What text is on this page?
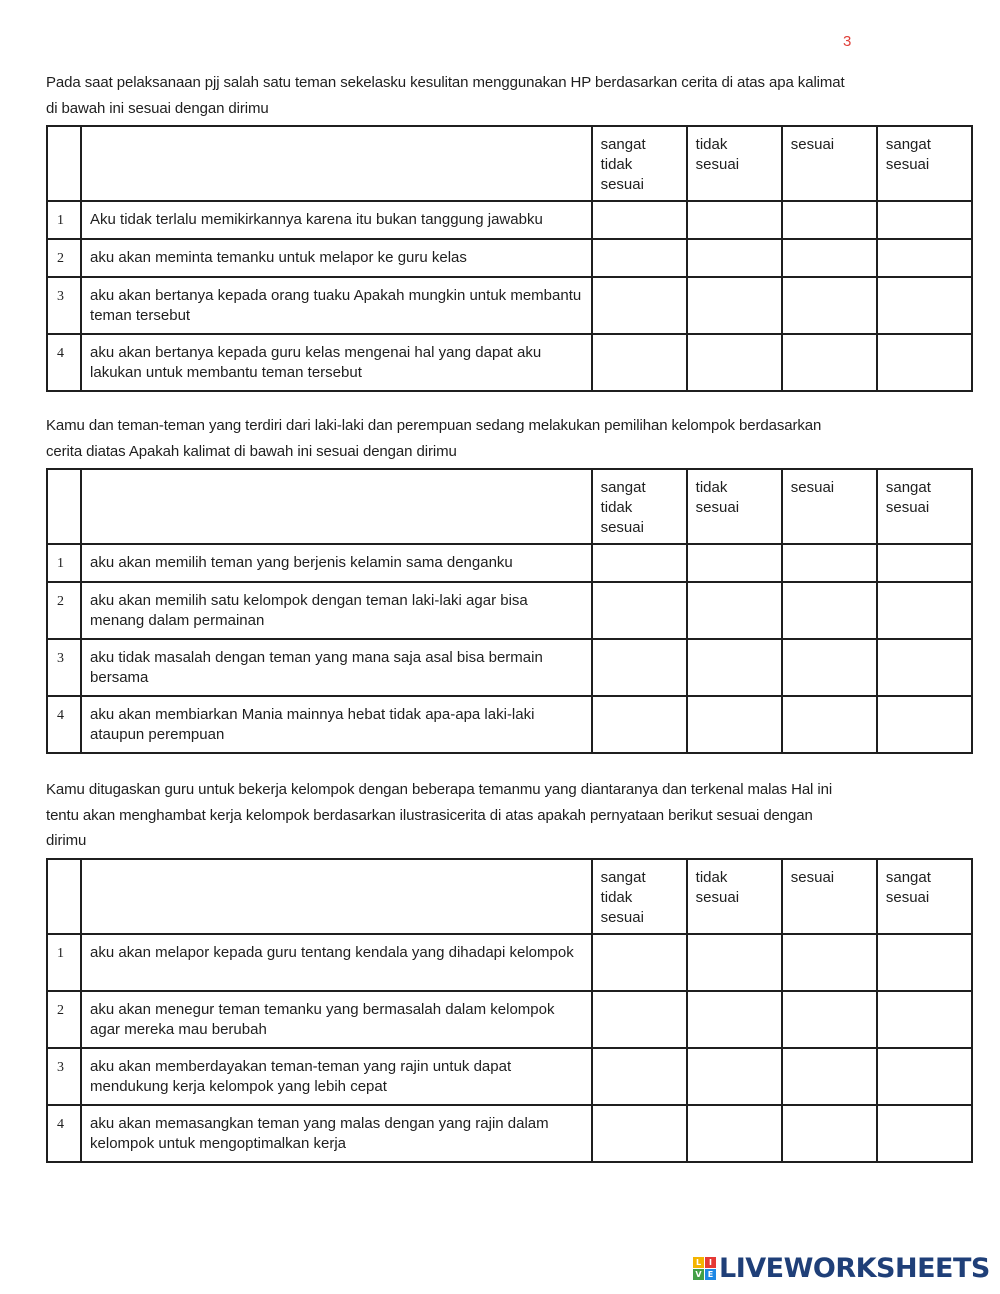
3

Pada saat pelaksanaan pjj salah satu teman sekelasku kesulitan menggunakan HP berdasarkan cerita di atas apa kalimat di bawah ini sesuai dengan dirimu

		sangat tidak sesuai	tidak sesuai	sesuai	sangat sesuai
1	Aku tidak terlalu memikirkannya karena itu bukan tanggung jawabku				
2	aku akan meminta temanku untuk melapor ke guru kelas				
3	aku akan bertanya kepada orang tuaku Apakah mungkin untuk membantu teman tersebut				
4	aku akan bertanya kepada guru kelas mengenai hal yang dapat aku lakukan untuk membantu teman tersebut				

Kamu dan teman-teman yang terdiri dari laki-laki dan perempuan sedang melakukan pemilihan kelompok berdasarkan cerita diatas Apakah kalimat di bawah ini sesuai dengan dirimu

		sangat tidak sesuai	tidak sesuai	sesuai	sangat sesuai
1	aku akan memilih teman yang berjenis kelamin sama denganku				
2	aku akan memilih satu kelompok dengan teman laki-laki agar bisa menang dalam permainan				
3	aku tidak masalah dengan teman yang mana saja asal bisa bermain bersama				
4	aku akan membiarkan Mania mainnya hebat tidak apa-apa laki-laki ataupun perempuan				

Kamu ditugaskan guru untuk bekerja kelompok dengan beberapa temanmu yang diantaranya dan terkenal malas Hal ini tentu akan menghambat kerja kelompok berdasarkan ilustrasicerita di atas apakah pernyataan berikut sesuai dengan dirimu

		sangat tidak sesuai	tidak sesuai	sesuai	sangat sesuai
1	aku akan melapor kepada guru tentang kendala yang dihadapi kelompok				
2	aku akan menegur teman temanku yang bermasalah dalam kelompok agar mereka mau berubah				
3	aku akan memberdayakan teman-teman yang rajin untuk dapat mendukung kerja kelompok yang lebih cepat				
4	aku akan memasangkan teman yang malas dengan yang rajin dalam kelompok untuk mengoptimalkan kerja				
L I
V E LIVEWORKSHEETS
